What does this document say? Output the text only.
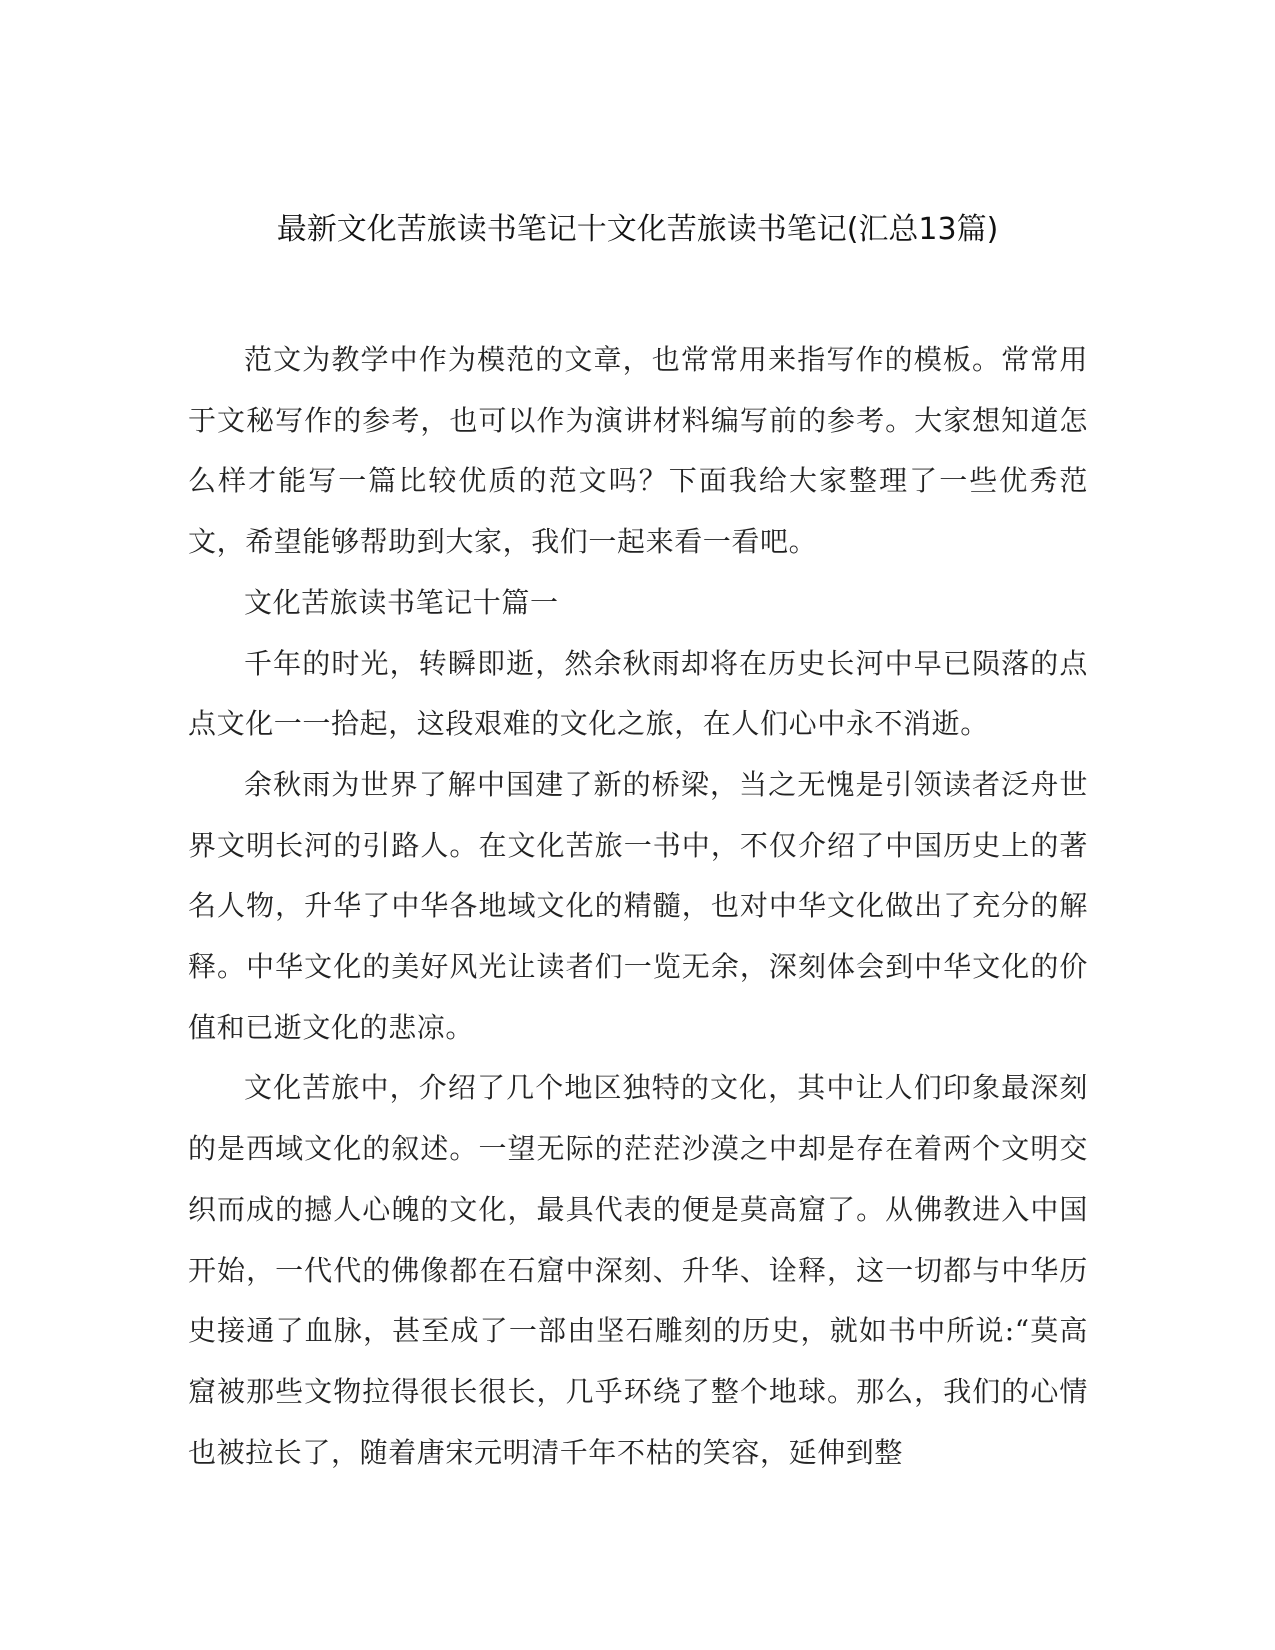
最新文化苦旅读书笔记十文化苦旅读书笔记(汇总13篇)

范文为教学中作为模范的文章，也常常用来指写作的模板。常常用于文秘写作的参考，也可以作为演讲材料编写前的参考。大家想知道怎么样才能写一篇比较优质的范文吗？下面我给大家整理了一些优秀范文，希望能够帮助到大家，我们一起来看一看吧。

文化苦旅读书笔记十篇一

千年的时光，转瞬即逝，然余秋雨却将在历史长河中早已陨落的点点文化一一拾起，这段艰难的文化之旅，在人们心中永不消逝。

余秋雨为世界了解中国建了新的桥梁，当之无愧是引领读者泛舟世界文明长河的引路人。在文化苦旅一书中，不仅介绍了中国历史上的著名人物，升华了中华各地域文化的精髓，也对中华文化做出了充分的解释。中华文化的美好风光让读者们一览无余，深刻体会到中华文化的价值和已逝文化的悲凉。

文化苦旅中，介绍了几个地区独特的文化，其中让人们印象最深刻的是西域文化的叙述。一望无际的茫茫沙漠之中却是存在着两个文明交织而成的撼人心魄的文化，最具代表的便是莫高窟了。从佛教进入中国开始，一代代的佛像都在石窟中深刻、升华、诠释，这一切都与中华历史接通了血脉，甚至成了一部由坚石雕刻的历史，就如书中所说:“莫高窟被那些文物拉得很长很长，几乎环绕了整个地球。那么，我们的心情也被拉长了，随着唐宋元明清千年不枯的笑容，延伸到整
